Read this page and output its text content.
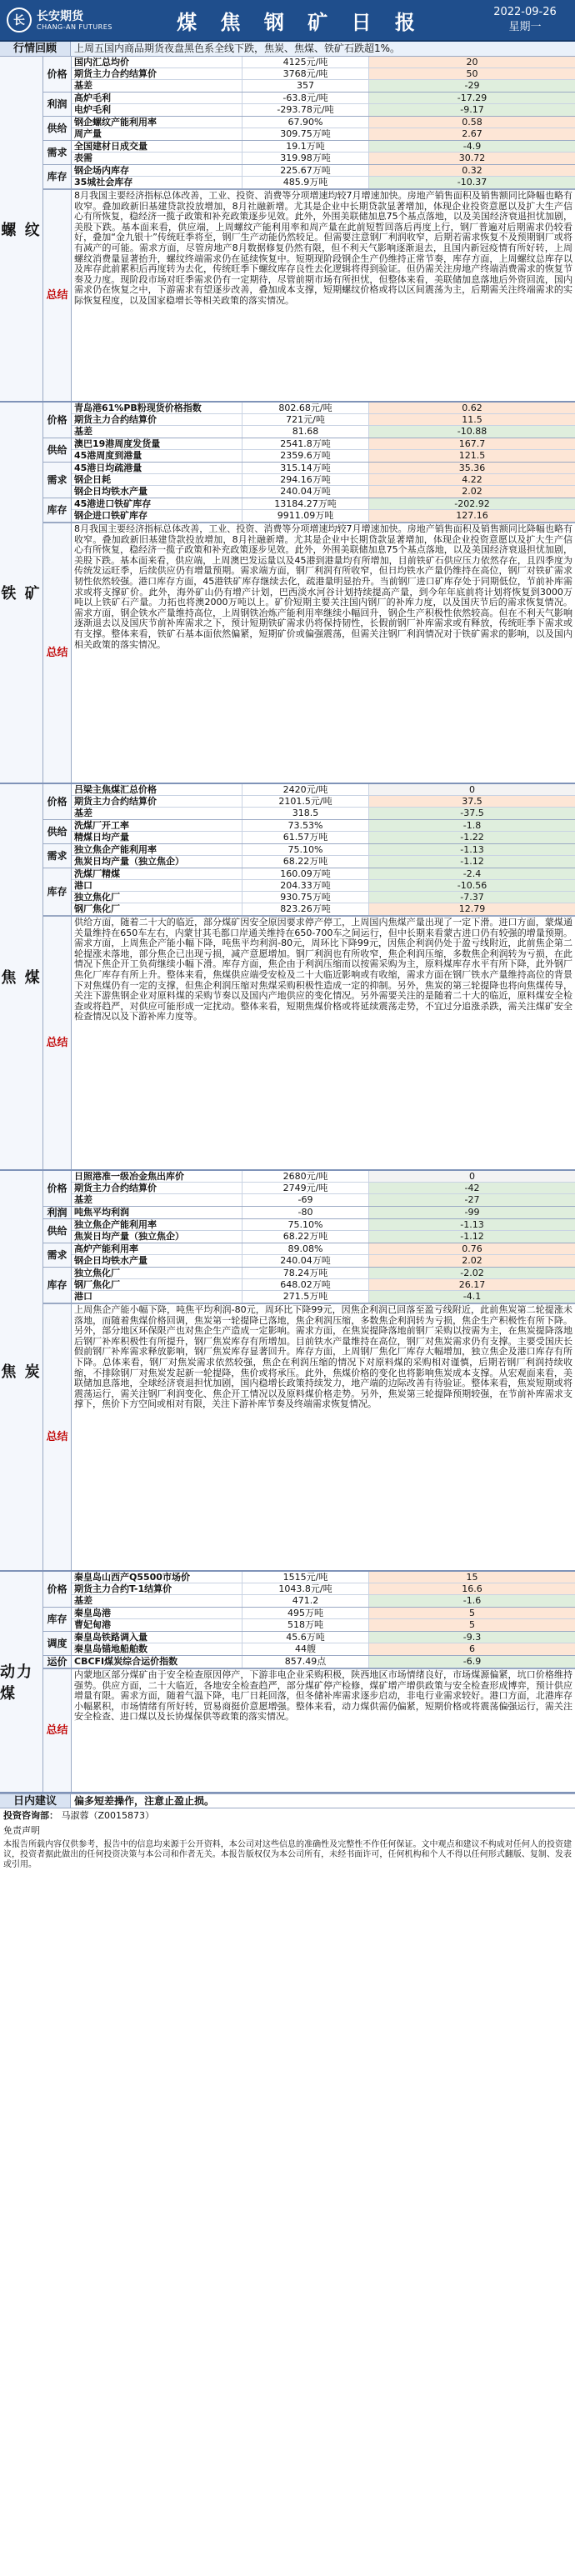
长	长安期货
CHANG-AN FUTURES	煤 焦 钢 矿 日 报	2022-09-26
星期一
行情回顾	上周五国内商品期货夜盘黑色系全线下跌，焦炭、焦煤、铁矿石跌超1%。
螺 纹
价格
国内汇总均价	4125元/吨	20
期货主力合约结算价	3768元/吨	50
基差	357	-29
利润 高炉毛利	-63.8元/吨	-17.29
电炉毛利	-293.78元/吨	-9.17
供给 钢企螺纹产能利用率	67.90%	0.58
周产量	309.75万吨	2.67
需求 全国建材日成交量	19.1万吨	-4.9
表需	319.98万吨	30.72
库存 钢企场内库存	225.67万吨	0.32
35城社会库存	485.9万吨	-10.37
总结
8月我国主要经济指标总体改善，工业、投资、消费等分项增速均较7月增速加快。房地产销售面积及销售额同比降幅也略有收窄。叠加政新旧基建贷款投放增加，8月社融新增。尤其是企业中长期贷款显著增加，体现企业投资意愿以及扩大生产信心有所恢复，稳经济一揽子政策和补充政策逐步见效。此外，外围美联储加息75个基点落地，以及美国经济衰退担忧加剧，美股下跌。基本面来看，供应端，上周螺纹产能利用率和周产量在此前短暂回落后再度上行，钢厂普遍对后期需求仍较看好，叠加“金九银十”传统旺季将至，钢厂生产动能仍然较足。但需要注意钢厂利润收窄，后期若需求恢复不及预期钢厂或将有减产的可能。需求方面，尽管房地产8月数据修复仍然有限，但不利天气影响逐渐退去，且国内新冠疫情有所好转，上周螺纹消费量显著抬升，螺纹终端需求仍在延续恢复中。短期现阶段钢企生产仍维持正常节奏，库存方面，上周螺纹总库存以及库存此前累积后再度转为去化，传统旺季下螺纹库存良性去化逻辑将得到验证。但仍需关注房地产终端消费需求的恢复节奏及力度。现阶段市场对旺季需求仍有一定期待，尽管前期市场有所担忧，但整体来看，美联储加息落地后外资回流，国内需求仍在恢复之中，下游需求有望逐步改善，叠加成本支撑，短期螺纹价格或将以区间震荡为主，后期需关注终端需求的实际恢复程度，以及国家稳增长等相关政策的落实情况。
铁 矿
价格
青岛港61%PB粉现货价格指数	802.68元/吨	0.62
期货主力合约结算价	721元/吨	11.5
基差	81.68	-10.88
供给 澳巴19港周度发货量	2541.8万吨	167.7
45港周度到港量	2359.6万吨	121.5
需求
45港日均疏港量	315.14万吨	35.36
钢企日耗	294.16万吨	4.22
钢企日均铁水产量	240.04万吨	2.02
库存 45港进口铁矿库存	13184.27万吨	-202.92
钢企进口铁矿库存	9911.09万吨	127.16
总结
8月我国主要经济指标总体改善，工业、投资、消费等分项增速均较7月增速加快。房地产销售面积及销售额同比降幅也略有收窄。叠加政新旧基建贷款投放增加，8月社融新增。尤其是企业中长期贷款显著增加，体现企业投资意愿以及扩大生产信心有所恢复，稳经济一揽子政策和补充政策逐步见效。此外，外围美联储加息75个基点落地，以及美国经济衰退担忧加剧，美股下跌。基本面来看，供应端，上周澳巴发运量以及45港到港量均有所增加，目前铁矿石供应压力依然存在，且四季度为传统发运旺季，后续供应仍有增量预期。需求端方面，钢厂利润有所收窄，但日均铁水产量仍维持在高位，钢厂对铁矿需求韧性依然较强。港口库存方面，45港铁矿库存继续去化，疏港量明显抬升。当前钢厂进口矿库存处于同期低位，节前补库需求或将支撑矿价。此外，海外矿山仍有增产计划，巴西淡水河谷计划持续提高产量，到今年年底前将计划将恢复到3000万吨以上铁矿石产量。力拓也将澳2000万吨以上。矿价短期主要关注国内钢厂的补库力度，以及国庆节后的需求恢复情况。需求方面，钢企铁水产量维持高位，上周钢铁冶炼产能利用率继续小幅回升，钢企生产积极性依然较高。但在不利天气影响逐渐退去以及国庆节前补库需求之下，预计短期铁矿需求仍将保持韧性，长假前钢厂补库需求或有释放，传统旺季下需求或有支撑。整体来看，铁矿石基本面依然偏紧，短期矿价或偏强震荡，但需关注钢厂利润情况对于铁矿需求的影响，以及国内相关政策的落实情况。
焦 煤
价格
吕梁主焦煤汇总价格	2420元/吨	0
期货主力合约结算价	2101.5元/吨	37.5
基差	318.5	-37.5
供给 洗煤厂开工率	73.53%	-1.8
精煤日均产量	61.57万吨	-1.22
需求 独立焦企产能利用率	75.10%	-1.13
焦炭日均产量（独立焦企）	68.22万吨	-1.12
库存
洗煤厂精煤	160.09万吨	-2.4
港口	204.33万吨	-10.56
独立焦化厂	930.75万吨	-7.37
钢厂焦化厂	823.26万吨	12.79
总结
供给方面，随着二十大的临近，部分煤矿因安全原因要求停产停工，上周国内焦煤产量出现了一定下滑。进口方面，蒙煤通关量维持在650车左右，内蒙甘其毛都口岸通关维持在650-700车之间运行，但中长期来看蒙古进口仍有较强的增量预期。需求方面，上周焦企产能小幅下降，吨焦平均利润-80元，周环比下降99元，因焦企利润仍处于盈亏线附近，此前焦企第二轮提涨未落地，部分焦企已出现亏损，减产意愿增加。钢厂利润也有所收窄，焦企利润压缩，多数焦企利润转为亏损，在此情况下焦企开工负荷继续小幅下滑。库存方面，焦企由于利润压缩而以按需采购为主，原料煤库存水平有所下降，此外钢厂焦化厂库存有所上升。整体来看，焦煤供应端受安检及二十大临近影响或有收缩，需求方面在钢厂铁水产量维持高位的背景下对焦煤仍有一定的支撑，但焦企利润压缩对焦煤采购积极性造成一定的抑制。另外，焦炭的第三轮提降也将向焦煤传导，关注下游焦钢企业对原料煤的采购节奏以及国内产地供应的变化情况。另外需要关注的是随着二十大的临近，原料煤安全检查或将趋严，对供应可能形成一定扰动。整体来看，短期焦煤价格或将延续震荡走势，不宜过分追涨杀跌，需关注煤矿安全检查情况以及下游补库力度等。
焦 炭
价格
日照港准一级冶金焦出库价	2680元/吨	0
期货主力合约结算价	2749元/吨	-42
基差	-69	-27
利润 吨焦平均利润	-80	-99
供给 独立焦企产能利用率	75.10%	-1.13
焦炭日均产量（独立焦企）	68.22万吨	-1.12
需求 高炉产能利用率	89.08%	0.76
钢企日均铁水产量	240.04万吨	2.02
库存
独立焦化厂	78.24万吨	-2.02
钢厂焦化厂	648.02万吨	26.17
港口	271.5万吨	-4.1
总结
上周焦企产能小幅下降，吨焦平均利润-80元，周环比下降99元，因焦企利润已回落至盈亏线附近，此前焦炭第二轮提涨未落地，而随着焦煤价格回调，焦炭第一轮提降已落地，焦企利润压缩，多数焦企利润转为亏损，焦企生产积极性有所下降。另外，部分地区环保限产也对焦企生产造成一定影响。需求方面，在焦炭提降落地前钢厂采购以按需为主，在焦炭提降落地后钢厂补库积极性有所提升，钢厂焦炭库存有所增加。目前铁水产量维持在高位，钢厂对焦炭需求仍有支撑。主要受国庆长假前钢厂补库需求释放影响，钢厂焦炭库存显著回升。库存方面，上周钢厂焦化厂库存大幅增加，独立焦企及港口库存有所下降。总体来看，钢厂对焦炭需求依然较强，焦企在利润压缩的情况下对原料煤的采购相对谨慎，后期若钢厂利润持续收缩，不排除钢厂对焦炭发起新一轮提降，焦价或将承压。此外，焦煤价格的变化也将影响焦炭成本支撑。从宏观面来看，美联储加息落地，全球经济衰退担忧加剧，国内稳增长政策持续发力，地产端的边际改善有待验证。整体来看，焦炭短期或将震荡运行，需关注钢厂利润变化、焦企开工情况以及原料煤价格走势。另外，焦炭第三轮提降预期较强，在节前补库需求支撑下，焦价下方空间或相对有限，关注下游补库节奏及终端需求恢复情况。
动力煤
价格
秦皇岛山西产Q5500市场价	1515元/吨	15
期货主力合约T-1结算价	1043.8元/吨	16.6
基差	471.2	-1.6
库存 秦皇岛港	495万吨	5
曹妃甸港	518万吨	5
调度 秦皇岛铁路调入量	45.6万吨	-9.3
秦皇岛锚地船舶数	44艘	6
运价 CBCFI煤炭综合运价指数	857.49点	-6.9
总结
内蒙地区部分煤矿由于安全检查原因停产，下游非电企业采购积极，陕西地区市场情绪良好，市场煤源偏紧，坑口价格维持强势。供应方面，二十大临近，各地安全检查趋严，部分煤矿停产检修，煤矿增产增供政策与安全检查形成博弈，预计供应增量有限。需求方面，随着气温下降，电厂日耗回落，但冬储补库需求逐步启动，非电行业需求较好。港口方面，北港库存小幅累积，市场情绪有所好转，贸易商挺价意愿增强。整体来看，动力煤供需仍偏紧，短期价格或将震荡偏强运行，需关注安全检查、进口煤以及长协煤保供等政策的落实情况。
日内建议	偏多短差操作，注意止盈止损。
投资咨询部： 马淑蓉（Z0015873）
免责声明
本报告所载内容仅供参考，报告中的信息均来源于公开资料，本公司对这些信息的准确性及完整性不作任何保证。文中观点和建议不构成对任何人的投资建议，投资者据此做出的任何投资决策与本公司和作者无关。本报告版权仅为本公司所有，未经书面许可，任何机构和个人不得以任何形式翻版、复制、发表或引用。
